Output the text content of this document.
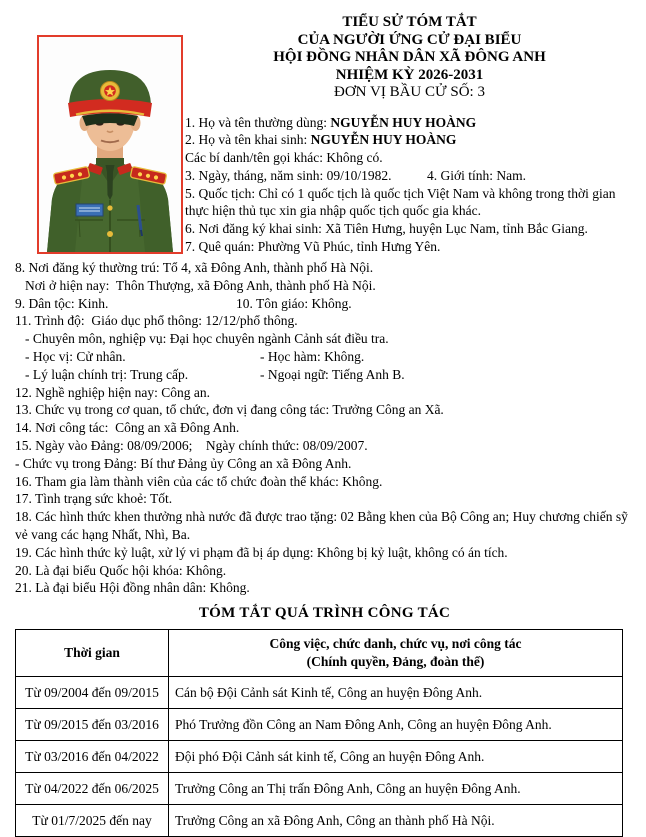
TIỂU SỬ TÓM TẮT
CỦA NGƯỜI ỨNG CỬ ĐẠI BIỂU
HỘI ĐỒNG NHÂN DÂN XÃ ĐÔNG ANH
NHIỆM KỲ 2026-2031
ĐƠN VỊ BẦU CỬ SỐ: 3
1. Họ và tên thường dùng: NGUYỄN HUY HOÀNG
2. Họ và tên khai sinh: NGUYỄN HUY HOÀNG
Các bí danh/tên gọi khác: Không có.
3. Ngày, tháng, năm sinh: 09/10/1982.	4. Giới tính: Nam.
5. Quốc tịch: Chỉ có 1 quốc tịch là quốc tịch Việt Nam và không trong thời gian thực hiện thủ tục xin gia nhập quốc tịch quốc gia khác.
6. Nơi đăng ký khai sinh: Xã Tiên Hưng, huyện Lục Nam, tỉnh Bắc Giang.
7. Quê quán: Phường Vũ Phúc, tỉnh Hưng Yên.
8. Nơi đăng ký thường trú: Tổ 4, xã Đông Anh, thành phố Hà Nội.
Nơi ở hiện nay:  Thôn Thượng, xã Đông Anh, thành phố Hà Nội.
9. Dân tộc: Kinh.	10. Tôn giáo: Không.
11. Trình độ:  Giáo dục phổ thông: 12/12/phổ thông.
- Chuyên môn, nghiệp vụ: Đại học chuyên ngành Cảnh sát điều tra.
- Học vị: Cử nhân.	- Học hàm: Không.
- Lý luận chính trị: Trung cấp.	- Ngoại ngữ: Tiếng Anh B.
12. Nghề nghiệp hiện nay: Công an.
13. Chức vụ trong cơ quan, tổ chức, đơn vị đang công tác: Trưởng Công an Xã.
14. Nơi công tác:  Công an xã Đông Anh.
15. Ngày vào Đảng: 08/09/2006;    Ngày chính thức: 08/09/2007.
- Chức vụ trong Đảng: Bí thư Đảng ủy Công an xã Đông Anh.
16. Tham gia làm thành viên của các tổ chức đoàn thể khác: Không.
17. Tình trạng sức khoẻ: Tốt.
18. Các hình thức khen thưởng nhà nước đã được trao tặng: 02 Bằng khen của Bộ Công an; Huy chương chiến sỹ vẻ vang các hạng Nhất, Nhì, Ba.
19. Các hình thức kỷ luật, xử lý vi phạm đã bị áp dụng: Không bị kỷ luật, không có án tích.
20. Là đại biểu Quốc hội khóa: Không.
21. Là đại biểu Hội đồng nhân dân: Không.
TÓM TẮT QUÁ TRÌNH CÔNG TÁC
Thời gian	Công việc, chức danh, chức vụ, nơi công tác
(Chính quyền, Đảng, đoàn thể)

Từ 09/2004 đến 09/2015	Cán bộ Đội Cảnh sát Kinh tế, Công an huyện Đông Anh.
Từ 09/2015 đến 03/2016	Phó Trưởng đồn Công an Nam Đông Anh, Công an huyện Đông Anh.
Từ 03/2016 đến 04/2022	Đội phó Đội Cảnh sát kinh tế, Công an huyện Đông Anh.
Từ 04/2022 đến 06/2025	Trưởng Công an Thị trấn Đông Anh, Công an huyện Đông Anh.
Từ 01/7/2025 đến nay	Trưởng Công an xã Đông Anh, Công an thành phố Hà Nội.
